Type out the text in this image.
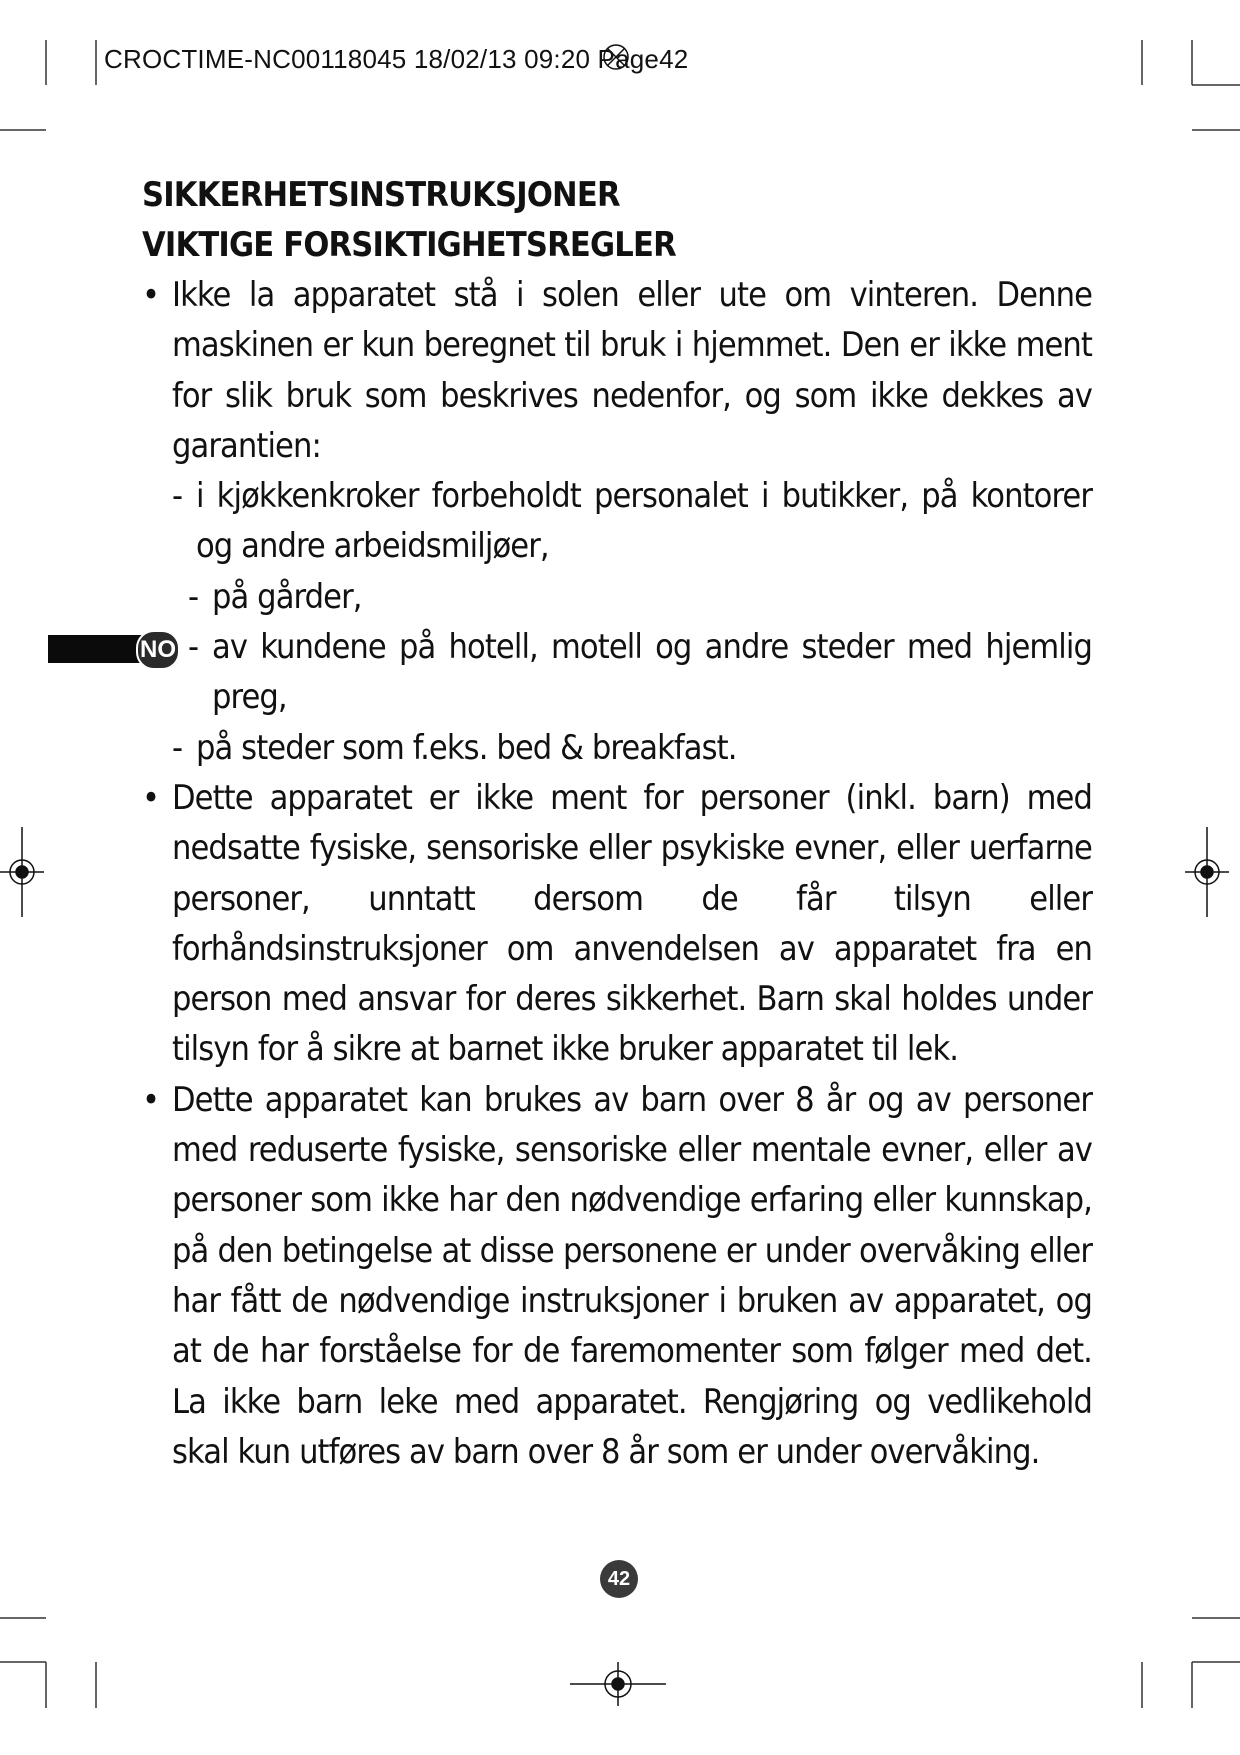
CROCTIME-NC00118045 18/02/13 09:20 Page42
NO
SIKKERHETSINSTRUKSJONER
VIKTIGE FORSIKTIGHETSREGLER
• Ikke la apparatet stå i solen eller ute om vinteren. Denne maskinen er kun beregnet til bruk i hjemmet. Den er ikke ment for slik bruk som beskrives nedenfor, og som ikke dekkes av garantien:
- i kjøkkenkroker forbeholdt personalet i butikker, på kontorer og andre arbeidsmiljøer,
- på gårder,
- av kundene på hotell, motell og andre steder med hjemlig preg,
- på steder som f.eks. bed & breakfast.
• Dette apparatet er ikke ment for personer (inkl. barn) med nedsatte fysiske, sensoriske eller psykiske evner, eller uerfarne personer, unntatt dersom de får tilsyn eller forhåndsinstruksjoner om anvendelsen av apparatet fra en person med ansvar for deres sikkerhet. Barn skal holdes under tilsyn for å sikre at barnet ikke bruker apparatet til lek.
• Dette apparatet kan brukes av barn over 8 år og av personer med reduserte fysiske, sensoriske eller mentale evner, eller av personer som ikke har den nødvendige erfaring eller kunnskap, på den betingelse at disse personene er under overvåking eller har fått de nødvendige instruksjoner i bruken av apparatet, og at de har forståelse for de faremomenter som følger med det. La ikke barn leke med apparatet. Rengjøring og vedlikehold skal kun utføres av barn over 8 år som er under overvåking.
42
